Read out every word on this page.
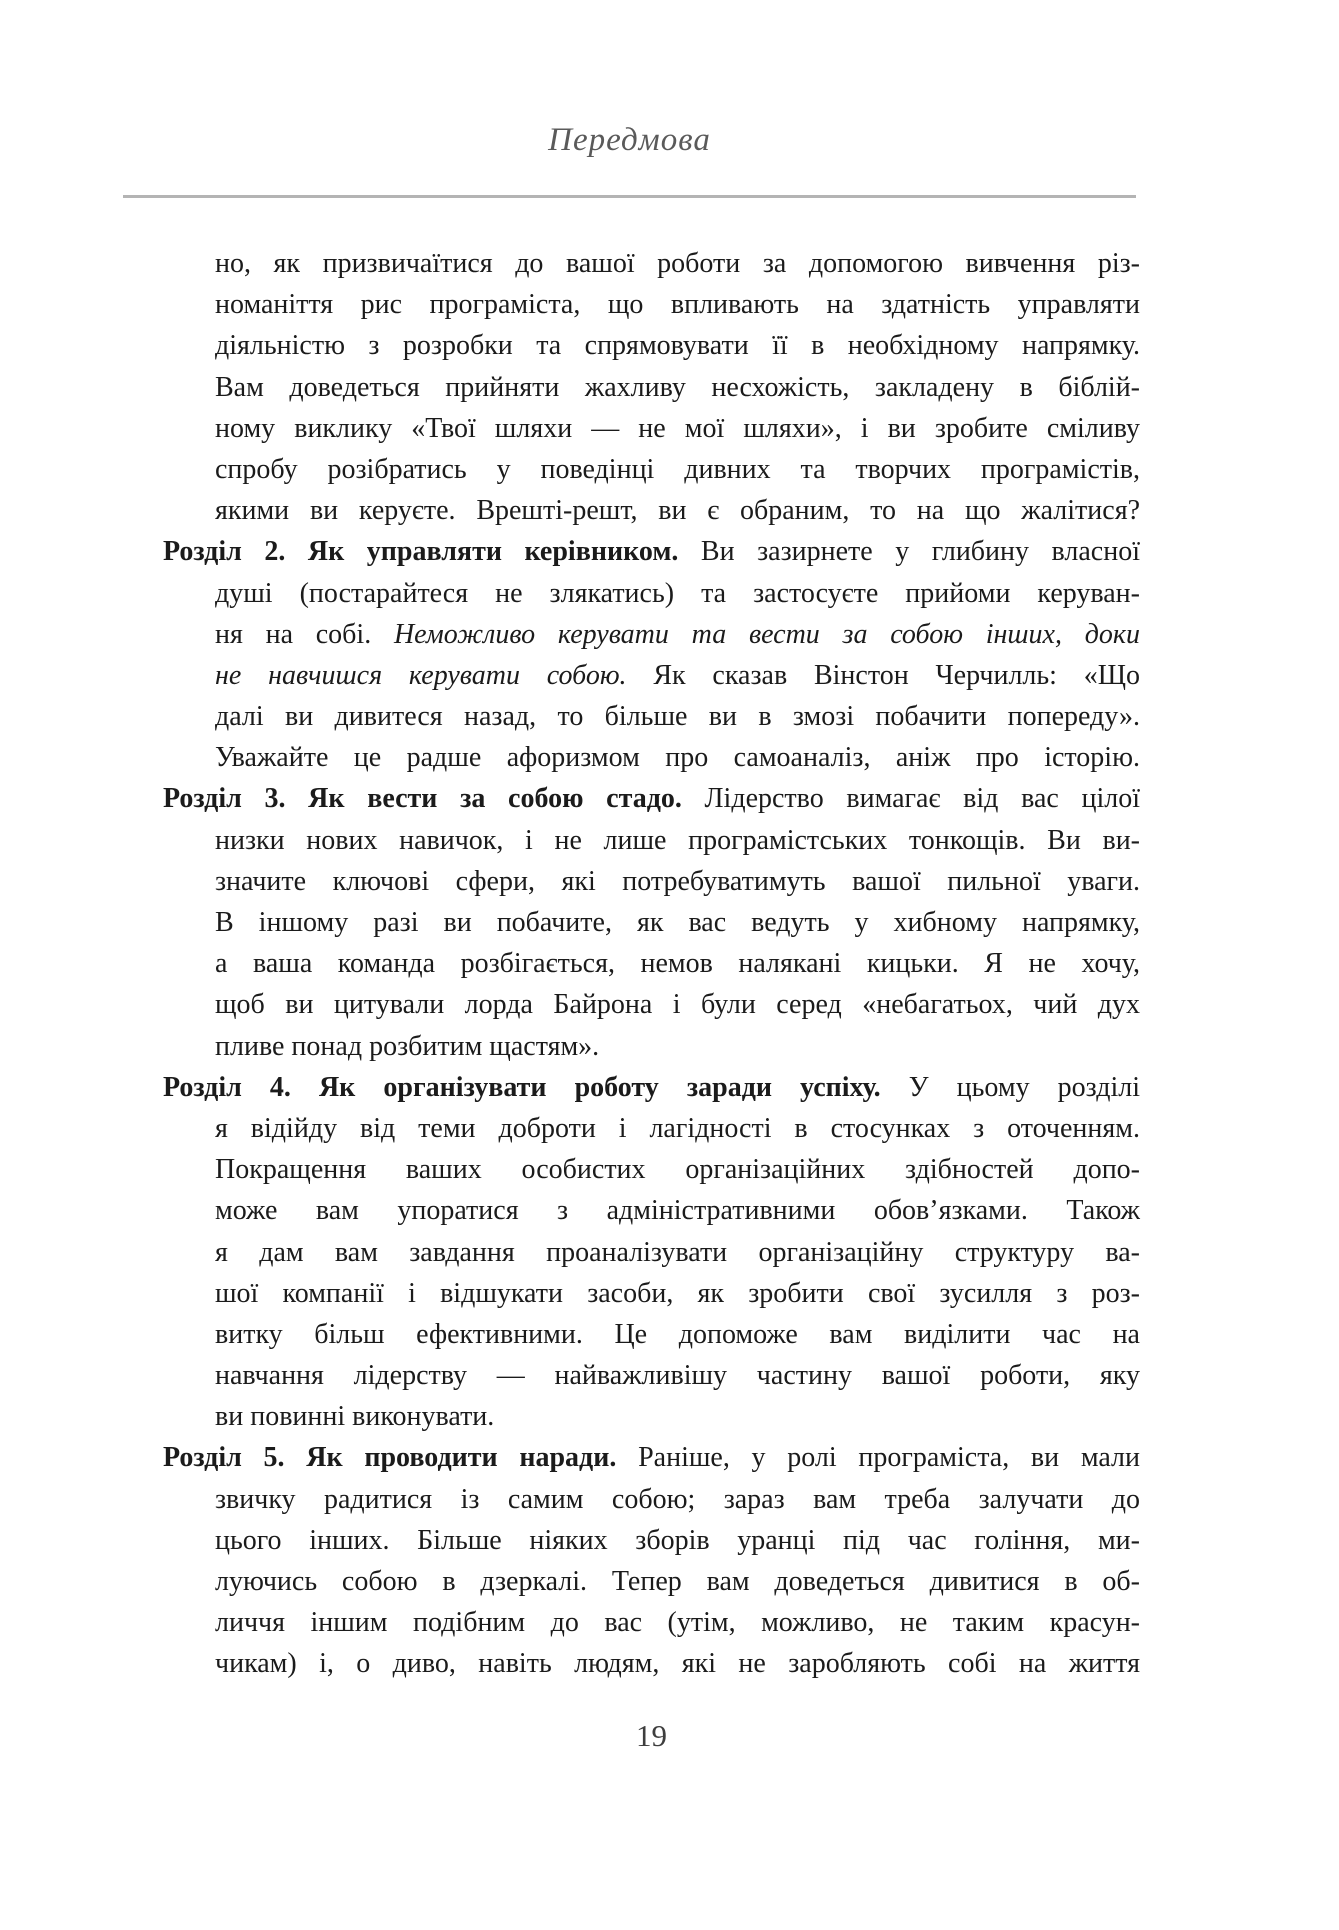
Передмова
но, як призвичаїтися до вашої роботи за допомогою вивчення різ-
номаніття рис програміста, що впливають на здатність управляти
діяльністю з розробки та спрямовувати її в необхідному напрямку.
Вам доведеться прийняти жахливу несхожість, закладену в біблій-
ному виклику «Твої шляхи — не мої шляхи», і ви зробите сміливу
спробу розібратись у поведінці дивних та творчих програмістів,
якими ви керуєте. Врешті-решт, ви є обраним, то на що жалітися?
Розділ 2. Як управляти керівником. Ви зазирнете у глибину власної
душі (постарайтеся не злякатись) та застосуєте прийоми керуван-
ня на собі. Неможливо керувати та вести за собою інших, доки
не навчишся керувати собою. Як сказав Вінстон Черчилль: «Що
далі ви дивитеся назад, то більше ви в змозі побачити попереду».
Уважайте це радше афоризмом про самоаналіз, аніж про історію.
Розділ 3. Як вести за собою стадо. Лідерство вимагає від вас цілої
низки нових навичок, і не лише програмістських тонкощів. Ви ви-
значите ключові сфери, які потребуватимуть вашої пильної уваги.
В іншому разі ви побачите, як вас ведуть у хибному напрямку,
а ваша команда розбігається, немов налякані кицьки. Я не хочу,
щоб ви цитували лорда Байрона і були серед «небагатьох, чий дух
пливе понад розбитим щастям».
Розділ 4. Як організувати роботу заради успіху. У цьому розділі
я відійду від теми доброти і лагідності в стосунках з оточенням.
Покращення ваших особистих організаційних здібностей допо-
може вам упоратися з адміністративними обов’язками. Також
я дам вам завдання проаналізувати організаційну структуру ва-
шої компанії і відшукати засоби, як зробити свої зусилля з роз-
витку більш ефективними. Це допоможе вам виділити час на
навчання лідерству — найважливішу частину вашої роботи, яку
ви повинні виконувати.
Розділ 5. Як проводити наради. Раніше, у ролі програміста, ви мали
звичку радитися із самим собою; зараз вам треба залучати до
цього інших. Більше ніяких зборів уранці під час гоління, ми-
луючись собою в дзеркалі. Тепер вам доведеться дивитися в об-
личчя іншим подібним до вас (утім, можливо, не таким красун-
чикам) і, о диво, навіть людям, які не заробляють собі на життя
19
